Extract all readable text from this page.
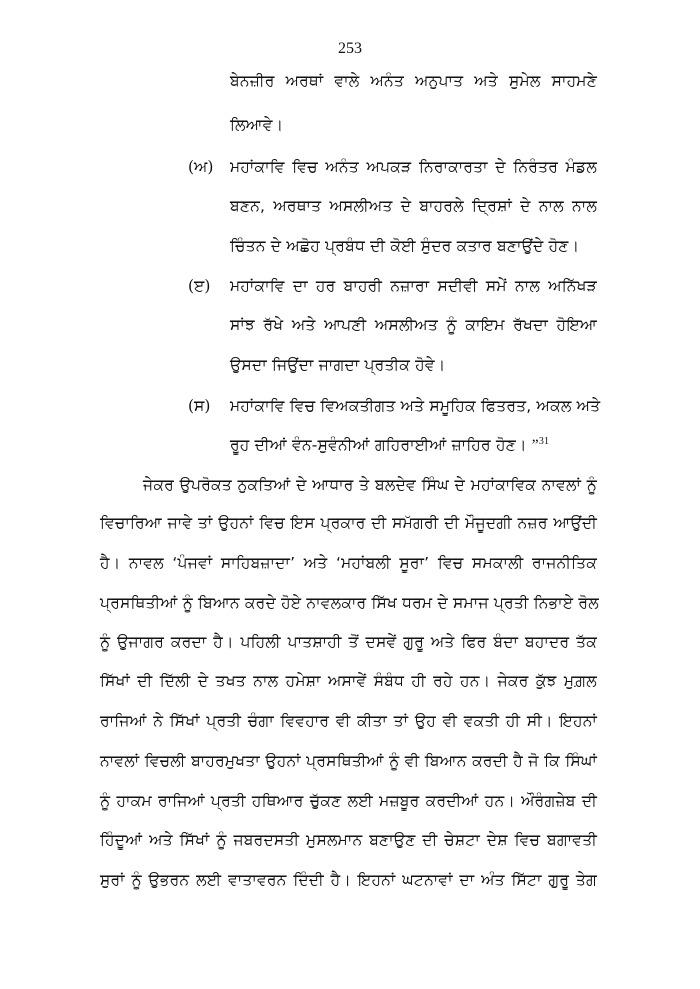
253
ਬੇਨਜ਼ੀਰ ਅਰਥਾਂ ਵਾਲੇ ਅਨੰਤ ਅਨੁਪਾਤ ਅਤੇ ਸੁਮੇਲ ਸਾਹਮਣੇ
ਲਿਆਵੇ।
(ਅ) ਮਹਾਂਕਾਵਿ ਵਿਚ ਅਨੰਤ ਅਪਕੜ ਨਿਰਾਕਾਰਤਾ ਦੇ ਨਿਰੰਤਰ ਮੰਡਲ
ਬਣਨ, ਅਰਥਾਤ ਅਸਲੀਅਤ ਦੇ ਬਾਹਰਲੇ ਦ੍ਰਿਸ਼ਾਂ ਦੇ ਨਾਲ ਨਾਲ
ਚਿੰਤਨ ਦੇ ਅਛੋਹ ਪ੍ਰਬੰਧ ਦੀ ਕੋਈ ਸੁੰਦਰ ਕਤਾਰ ਬਣਾਉਂਦੇ ਹੋਣ।
(ੲ) ਮਹਾਂਕਾਵਿ ਦਾ ਹਰ ਬਾਹਰੀ ਨਜ਼ਾਰਾ ਸਦੀਵੀ ਸਮੇਂ ਨਾਲ ਅਨਿੱਖੜ
ਸਾਂਝ ਰੱਖੇ ਅਤੇ ਆਪਣੀ ਅਸਲੀਅਤ ਨੂੰ ਕਾਇਮ ਰੱਖਦਾ ਹੋਇਆ
ਉਸਦਾ ਜਿਉਂਦਾ ਜਾਗਦਾ ਪ੍ਰਤੀਕ ਹੋਵੇ।
(ਸ) ਮਹਾਂਕਾਵਿ ਵਿਚ ਵਿਅਕਤੀਗਤ ਅਤੇ ਸਮੂਹਿਕ ਫਿਤਰਤ, ਅਕਲ ਅਤੇ
ਰੂਹ ਦੀਆਂ ਵੰਨ-ਸੁਵੰਨੀਆਂ ਗਹਿਰਾਈਆਂ ਜ਼ਾਹਿਰ ਹੋਣ। ”$^{31}$
ਜੇਕਰ ਉਪਰੋਕਤ ਨੁਕਤਿਆਂ ਦੇ ਆਧਾਰ ਤੇ ਬਲਦੇਵ ਸਿੰਘ ਦੇ ਮਹਾਂਕਾਵਿਕ ਨਾਵਲਾਂ ਨੂੰ
ਵਿਚਾਰਿਆ ਜਾਵੇ ਤਾਂ ਉਹਨਾਂ ਵਿਚ ਇਸ ਪ੍ਰਕਾਰ ਦੀ ਸਮੱਗਰੀ ਦੀ ਮੌਜੂਦਗੀ ਨਜ਼ਰ ਆਉਂਦੀ
ਹੈ। ਨਾਵਲ ‘ਪੰਜਵਾਂ ਸਾਹਿਬਜ਼ਾਦਾ’ ਅਤੇ ‘ਮਹਾਂਬਲੀ ਸੂਰਾ’ ਵਿਚ ਸਮਕਾਲੀ ਰਾਜਨੀਤਿਕ
ਪ੍ਰਸਥਿਤੀਆਂ ਨੂੰ ਬਿਆਨ ਕਰਦੇ ਹੋਏ ਨਾਵਲਕਾਰ ਸਿੱਖ ਧਰਮ ਦੇ ਸਮਾਜ ਪ੍ਰਤੀ ਨਿਭਾਏ ਰੋਲ
ਨੂੰ ਉਜਾਗਰ ਕਰਦਾ ਹੈ। ਪਹਿਲੀ ਪਾਤਸ਼ਾਹੀ ਤੋਂ ਦਸਵੇਂ ਗੁਰੂ ਅਤੇ ਫਿਰ ਬੰਦਾ ਬਹਾਦਰ ਤੱਕ
ਸਿੱਖਾਂ ਦੀ ਦਿੱਲੀ ਦੇ ਤਖਤ ਨਾਲ ਹਮੇਸ਼ਾ ਅਸਾਵੇਂ ਸੰਬੰਧ ਹੀ ਰਹੇ ਹਨ। ਜੇਕਰ ਕੁੱਝ ਮੁਗ਼ਲ
ਰਾਜਿਆਂ ਨੇ ਸਿੱਖਾਂ ਪ੍ਰਤੀ ਚੰਗਾ ਵਿਵਹਾਰ ਵੀ ਕੀਤਾ ਤਾਂ ਉਹ ਵੀ ਵਕਤੀ ਹੀ ਸੀ। ਇਹਨਾਂ
ਨਾਵਲਾਂ ਵਿਚਲੀ ਬਾਹਰਮੁਖਤਾ ਉਹਨਾਂ ਪ੍ਰਸਥਿਤੀਆਂ ਨੂੰ ਵੀ ਬਿਆਨ ਕਰਦੀ ਹੈ ਜੋ ਕਿ ਸਿੰਘਾਂ
ਨੂੰ ਹਾਕਮ ਰਾਜਿਆਂ ਪ੍ਰਤੀ ਹਥਿਆਰ ਚੁੱਕਣ ਲਈ ਮਜ਼ਬੂਰ ਕਰਦੀਆਂ ਹਨ। ਔਰੰਗਜ਼ੇਬ ਦੀ
ਹਿੰਦੂਆਂ ਅਤੇ ਸਿੱਖਾਂ ਨੂੰ ਜਬਰਦਸਤੀ ਮੁਸਲਮਾਨ ਬਣਾਉਣ ਦੀ ਚੇਸ਼ਟਾ ਦੇਸ਼ ਵਿਚ ਬਗਾਵਤੀ
ਸੁਰਾਂ ਨੂੰ ਉਭਰਨ ਲਈ ਵਾਤਾਵਰਨ ਦਿੰਦੀ ਹੈ। ਇਹਨਾਂ ਘਟਨਾਵਾਂ ਦਾ ਅੰਤ ਸਿੱਟਾ ਗੁਰੂ ਤੇਗ
